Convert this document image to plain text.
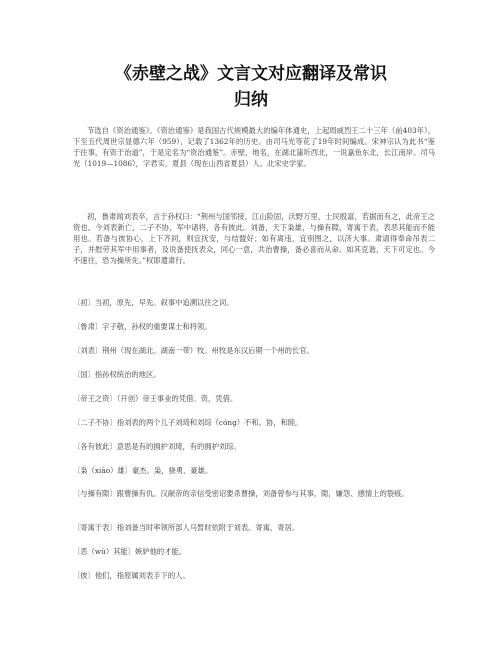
《赤壁之战》文言文对应翻译及常识
归纳

节选自《资治通鉴》。《资治通鉴》是我国古代规模最大的编年体通史，上起周威烈王二十三年（前403年），下至五代周世宗显德六年（959），记载了1362年的历史。由司马光等花了19年时间编成。宋神宗认为此书“鉴于往事，有资于治道”，于是定名为“资治通鉴”。赤壁，地名，在湖北蒲圻西北，一说嘉鱼东北，长江南岸。司马光（1019—1086），字君实，夏县（现在山西省夏县）人。北宋史学家。

初，鲁肃闻刘表卒，言于孙权曰：“荆州与国邻接，江山险固，沃野万里，士民殷富，若据而有之，此帝王之资也。今刘表新亡，二子不协，军中诸将，各有彼此。刘备，天下枭雄，与操有隙，寄寓于表，表恶其能而不能用也。若备与彼协心，上下齐同，则宜抚安，与结盟好；如有离违，宜别图之，以济大事。肃请得奉命吊表二子，并慰劳其军中用事者，及说备使抚表众，同心一意，共治曹操，备必喜而从命。如其克谐，天下可定也。今不速往，恐为操所先。”权即遣肃行。

〔初〕当初，原先，早先。叙事中追溯以往之词。

〔鲁肃〕字子敬，孙权的重要谋士和将领。

〔刘表〕荆州（现在湖北、湖南一带）牧。州牧是东汉后期一个州的长官。

〔国〕指孙权统治的地区。

〔帝王之资〕（开创）帝王事业的凭借。资，凭借。

〔二子不协〕指刘表的两个儿子刘琦和刘琮（cóng）不和。协，和睦。

〔各有彼此〕意思是有的拥护刘琦，有的拥护刘琮。

〔枭（xiāo）雄〕豪杰。枭，骁勇、豪雄。

〔与操有隙〕跟曹操有仇。汉献帝的亲信受密诏要杀曹操，刘备曾参与其事。隙，嫌怨、感情上的裂痕。

〔寄寓于表〕指刘备当时率领所部人马暂时依附于刘表。寄寓，寄居。

〔恶（wù）其能〕嫉妒他的才能。

〔彼〕他们，指原属刘表手下的人。
